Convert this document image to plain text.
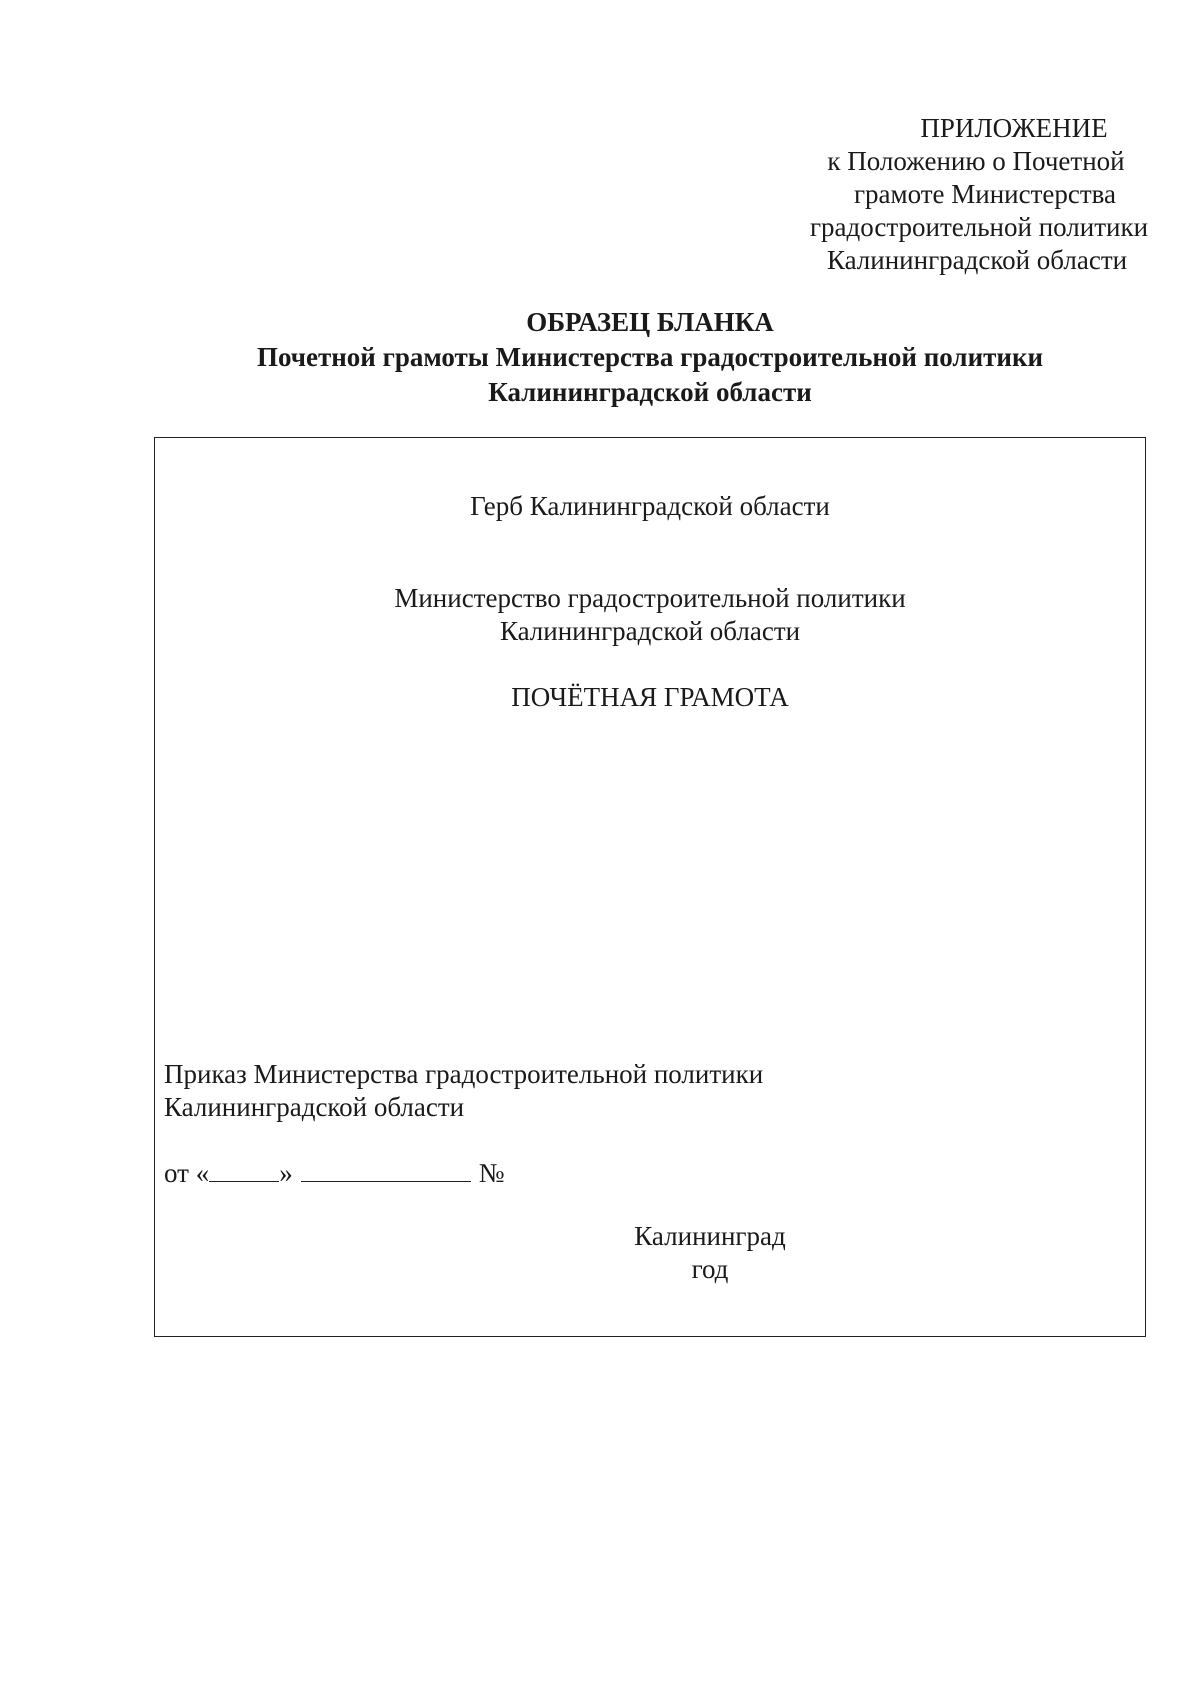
ПРИЛОЖЕНИЕ
к Положению о Почетной
грамоте Министерства
градостроительной политики
Калининградской области
ОБРАЗЕЦ БЛАНКА
Почетной грамоты Министерства градостроительной политики
Калининградской области
Герб Калининградской области
Министерство градостроительной политики
Калининградской области
ПОЧЁТНАЯ ГРАМОТА
Приказ Министерства градостроительной политики
Калининградской области
от «	»	№
Калининград
год
